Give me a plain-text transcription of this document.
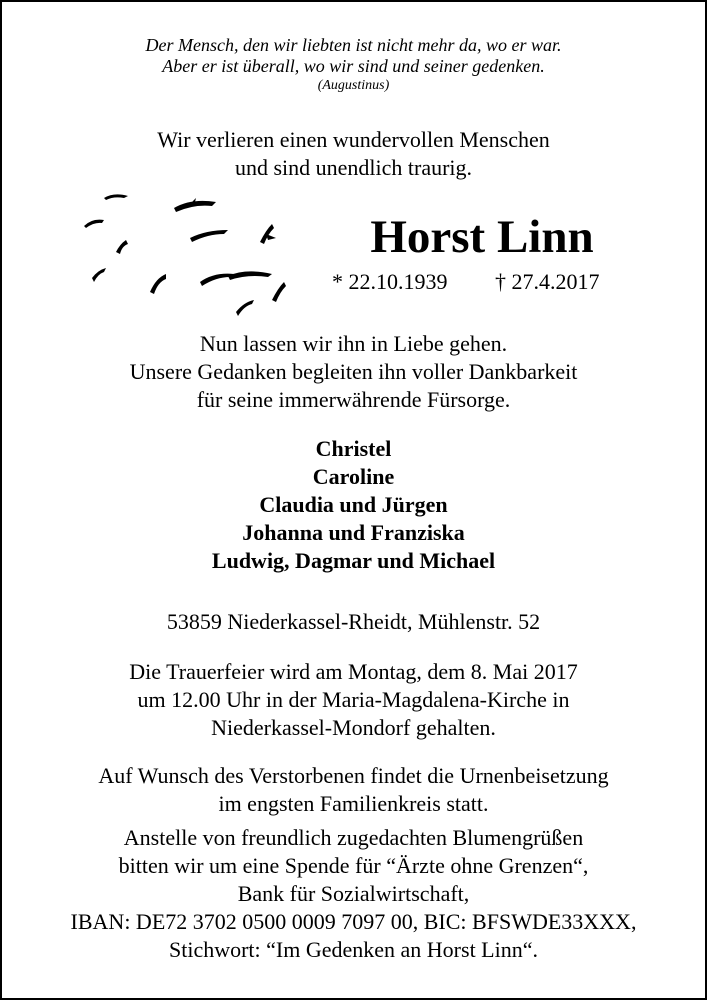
Der Mensch, den wir liebten ist nicht mehr da, wo er war.
Aber er ist überall, wo wir sind und seiner gedenken.
(Augustinus)
Wir verlieren einen wundervollen Menschen
und sind unendlich traurig.
Horst Linn
* 22.10.1939 † 27.4.2017
Nun lassen wir ihn in Liebe gehen.
Unsere Gedanken begleiten ihn voller Dankbarkeit
für seine immerwährende Fürsorge.
Christel
Caroline
Claudia und Jürgen
Johanna und Franziska
Ludwig, Dagmar und Michael
53859 Niederkassel-Rheidt, Mühlenstr. 52
Die Trauerfeier wird am Montag, dem 8. Mai 2017
um 12.00 Uhr in der Maria-Magdalena-Kirche in
Niederkassel-Mondorf gehalten.
Auf Wunsch des Verstorbenen findet die Urnenbeisetzung
im engsten Familienkreis statt.
Anstelle von freundlich zugedachten Blumengrüßen
bitten wir um eine Spende für “Ärzte ohne Grenzen“,
Bank für Sozialwirtschaft,
IBAN: DE72 3702 0500 0009 7097 00, BIC: BFSWDE33XXX,
Stichwort: “Im Gedenken an Horst Linn“.
